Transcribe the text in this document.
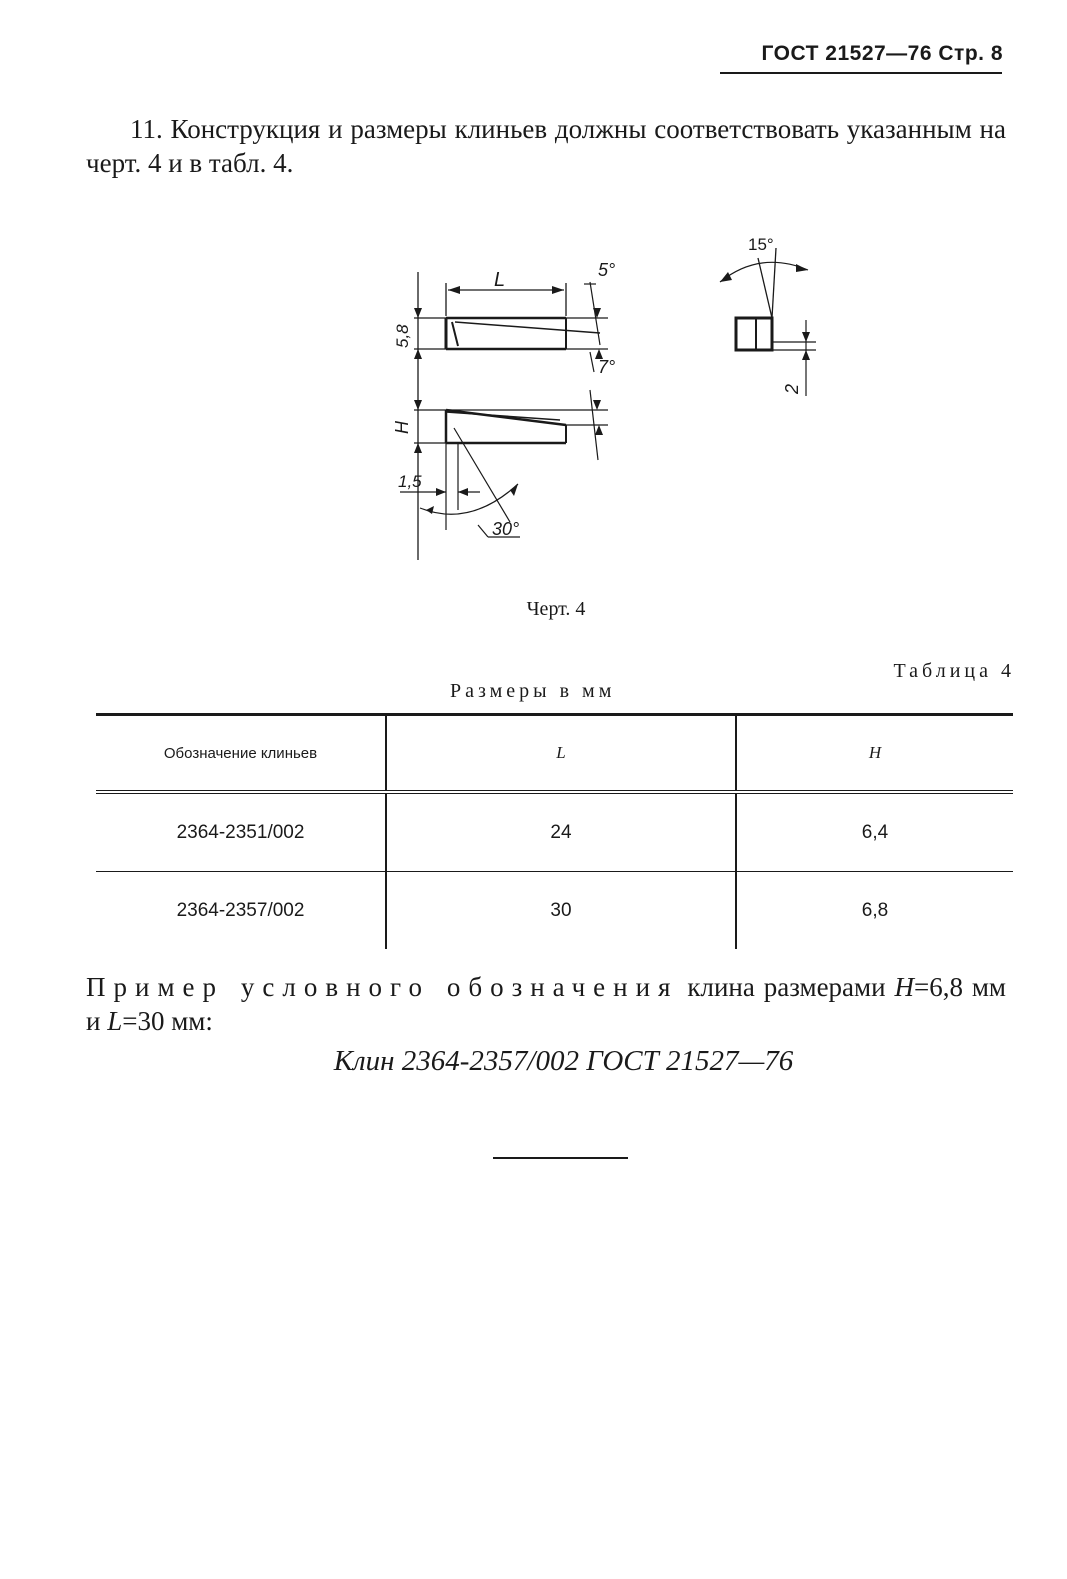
ГОСТ 21527—76 Стр. 8
11. Конструкция и размеры клиньев должны соответствовать указанным на черт. 4 и в табл. 4.
L	5°
5,8
7°
H
1,5
30°
15°
2
Черт. 4
Таблица 4
Размеры в мм
Обозначение клиньев	L	H
2364-2351/002	24	6,4
2364-2357/002	30	6,8
Пример условного обозначения клина размерами H=6,8 мм и L=30 мм:
Клин 2364-2357/002 ГОСТ 21527—76
